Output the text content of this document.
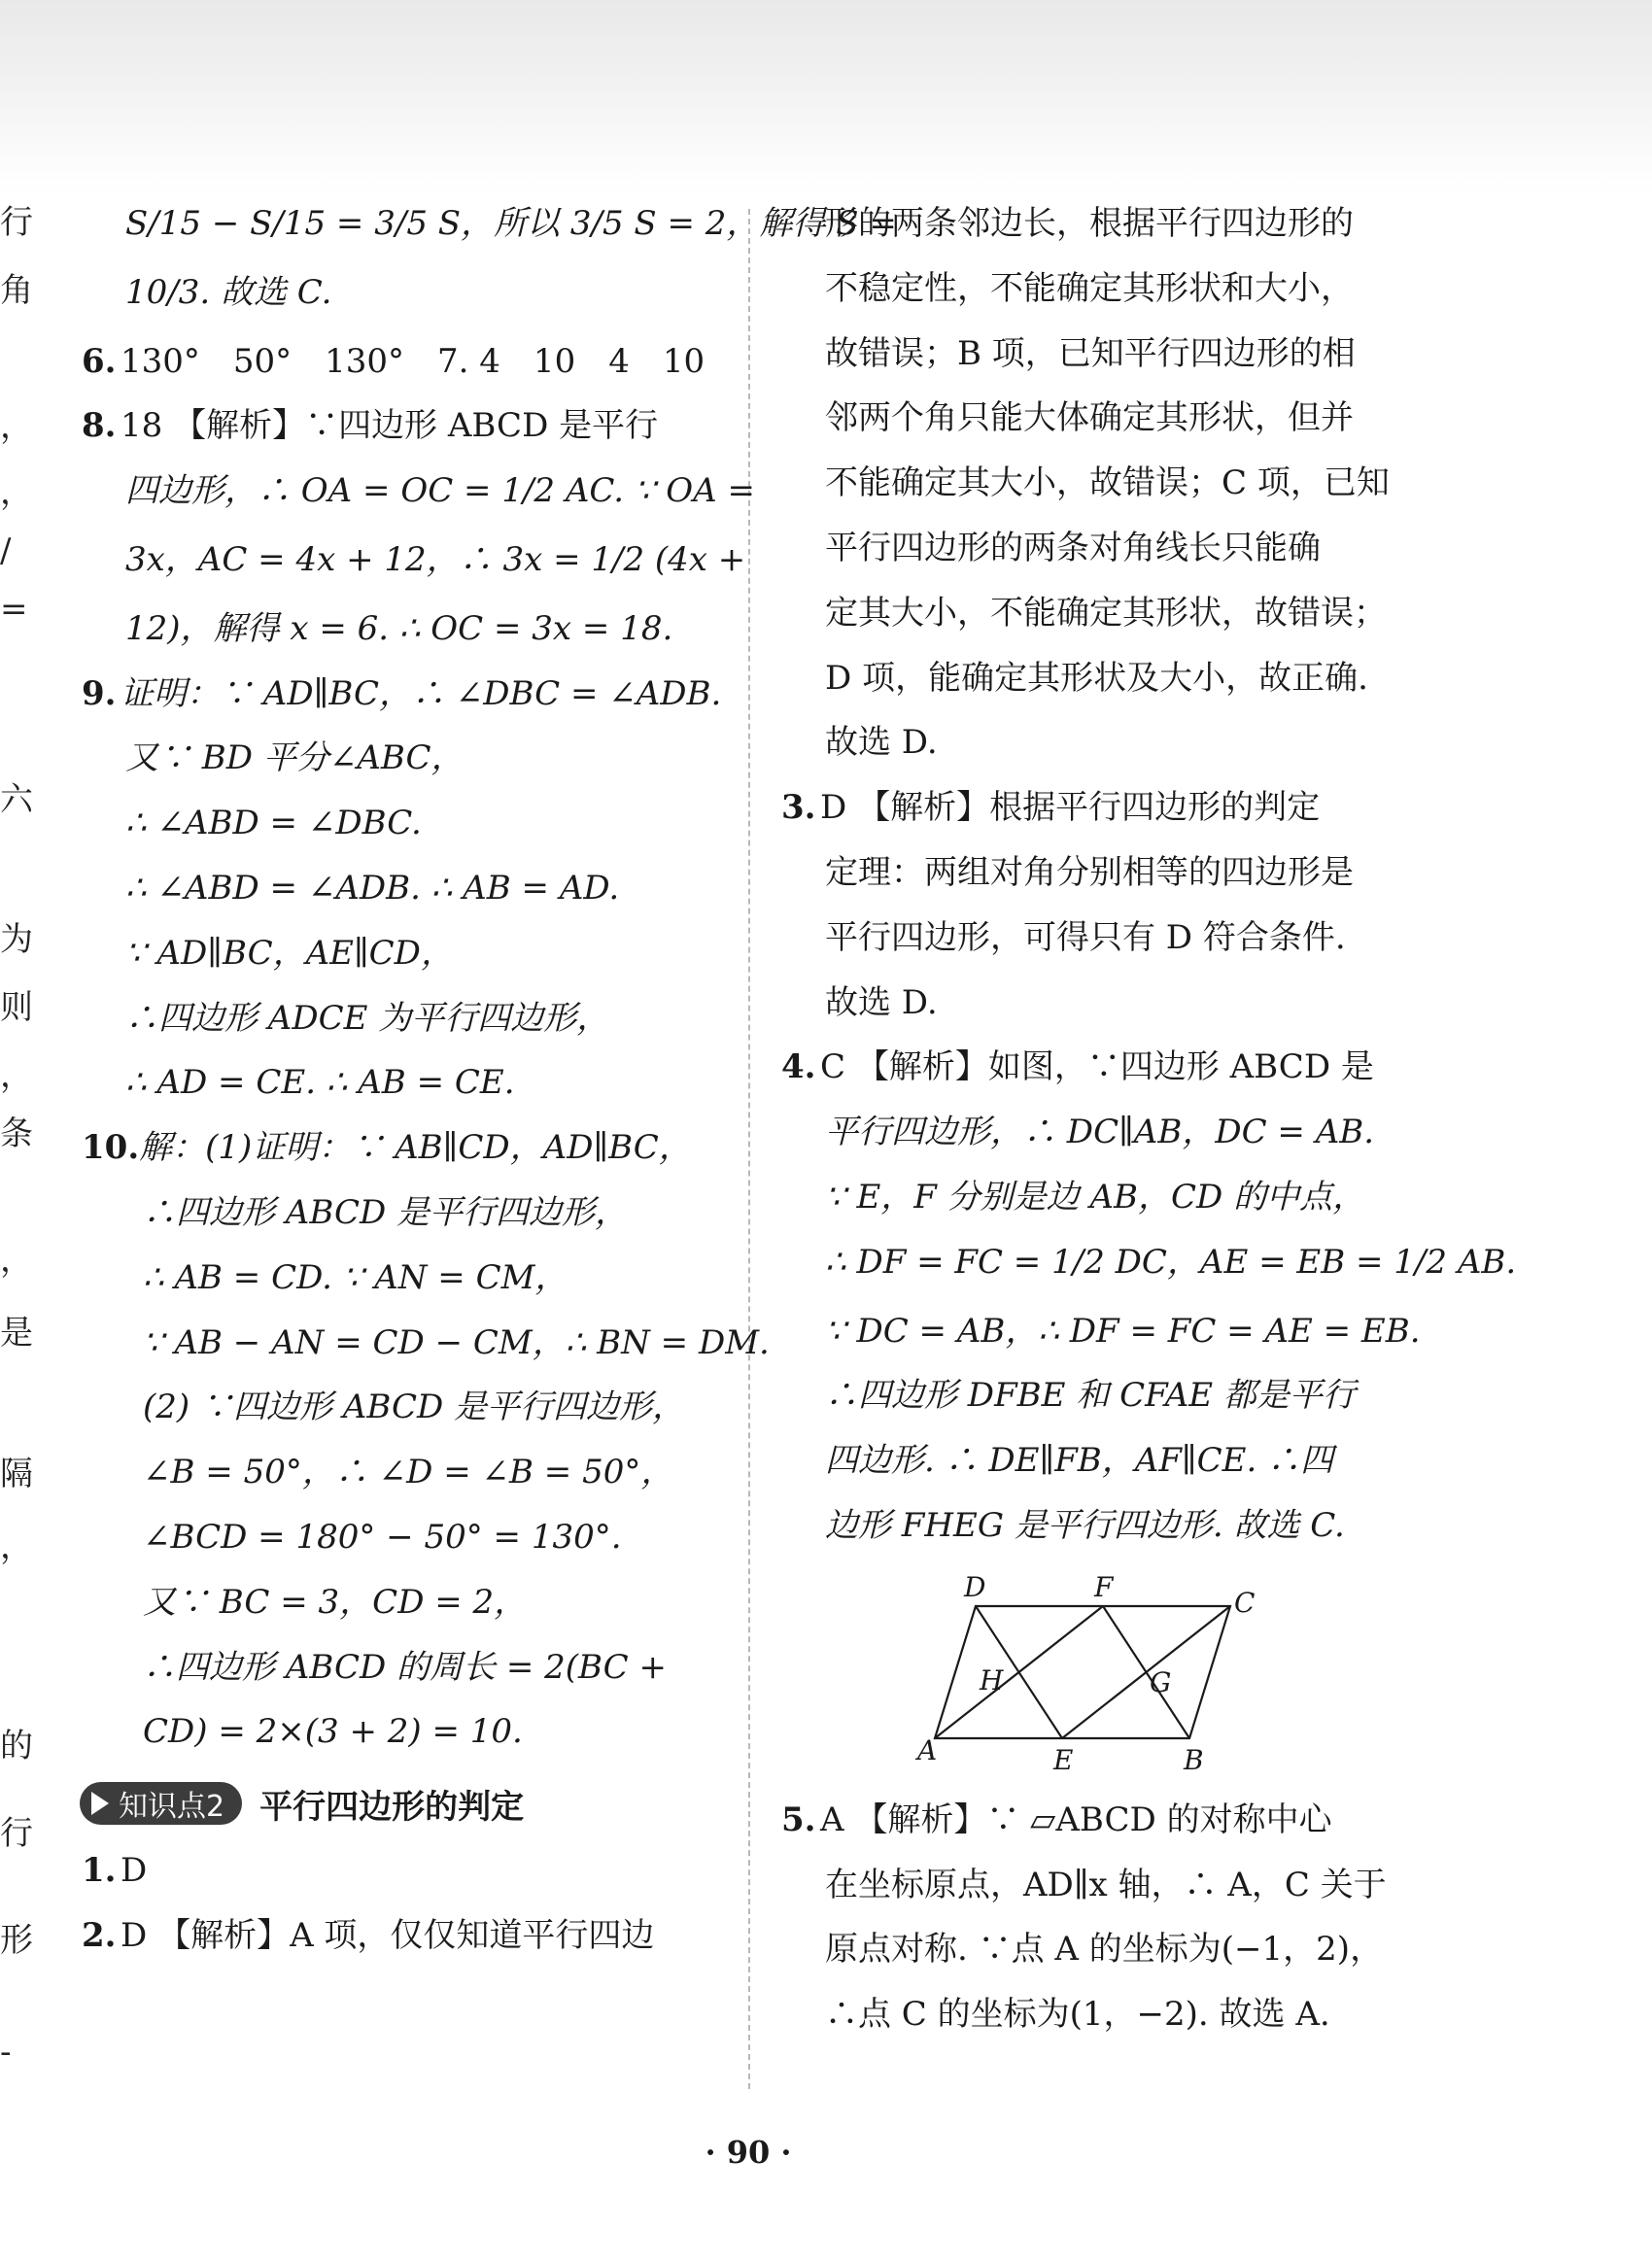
行
角
，
，
/
=
六
为
则
，
条
，
是
隔
，
的
行
形
-
S/15 − S/15 = 3/5 S，所以 3/5 S = 2，解得 S =
10/3. 故选 C.
6. 130°　50°　130°　7. 4　10　4　10
8. 18 【解析】∵四边形 ABCD 是平行
四边形，∴ OA = OC = 1/2 AC. ∵ OA =
3x，AC = 4x + 12，∴ 3x = 1/2 (4x +
12)，解得 x = 6. ∴ OC = 3x = 18.
9. 证明：∵ AD∥BC，∴ ∠DBC = ∠ADB.
又∵ BD 平分∠ABC，
∴ ∠ABD = ∠DBC.
∴ ∠ABD = ∠ADB. ∴ AB = AD.
∵ AD∥BC，AE∥CD，
∴四边形 ADCE 为平行四边形，
∴ AD = CE. ∴ AB = CE.
10.解：(1)证明：∵ AB∥CD，AD∥BC，
∴四边形 ABCD 是平行四边形，
∴ AB = CD. ∵ AN = CM，
∵ AB − AN = CD − CM，∴ BN = DM.
(2) ∵四边形 ABCD 是平行四边形，
∠B = 50°，∴ ∠D = ∠B = 50°，
∠BCD = 180° − 50° = 130°.
又∵ BC = 3，CD = 2，
∴四边形 ABCD 的周长 = 2(BC +
CD) = 2×(3 + 2) = 10.
知识点2 平行四边形的判定
1. D
2. D 【解析】A 项，仅仅知道平行四边
形的两条邻边长，根据平行四边形的
不稳定性，不能确定其形状和大小，
故错误；B 项，已知平行四边形的相
邻两个角只能大体确定其形状，但并
不能确定其大小，故错误；C 项，已知
平行四边形的两条对角线长只能确
定其大小，不能确定其形状，故错误；
D 项，能确定其形状及大小，故正确.
故选 D.
3. D 【解析】根据平行四边形的判定
定理：两组对角分别相等的四边形是
平行四边形，可得只有 D 符合条件.
故选 D.
4. C 【解析】如图，∵四边形 ABCD 是
平行四边形，∴ DC∥AB，DC = AB.
∵ E，F 分别是边 AB，CD 的中点，
∴ DF = FC = 1/2 DC，AE = EB = 1/2 AB.
∵ DC = AB，∴ DF = FC = AE = EB.
∴四边形 DFBE 和 CFAE 都是平行
四边形. ∴ DE∥FB，AF∥CE. ∴四
边形 FHEG 是平行四边形. 故选 C.
D	F	C
H	G
A	E	B
5. A 【解析】∵ ▱ABCD 的对称中心
在坐标原点，AD∥x 轴，∴ A，C 关于
原点对称. ∵点 A 的坐标为(−1，2)，
∴点 C 的坐标为(1，−2). 故选 A.
· 90 ·
